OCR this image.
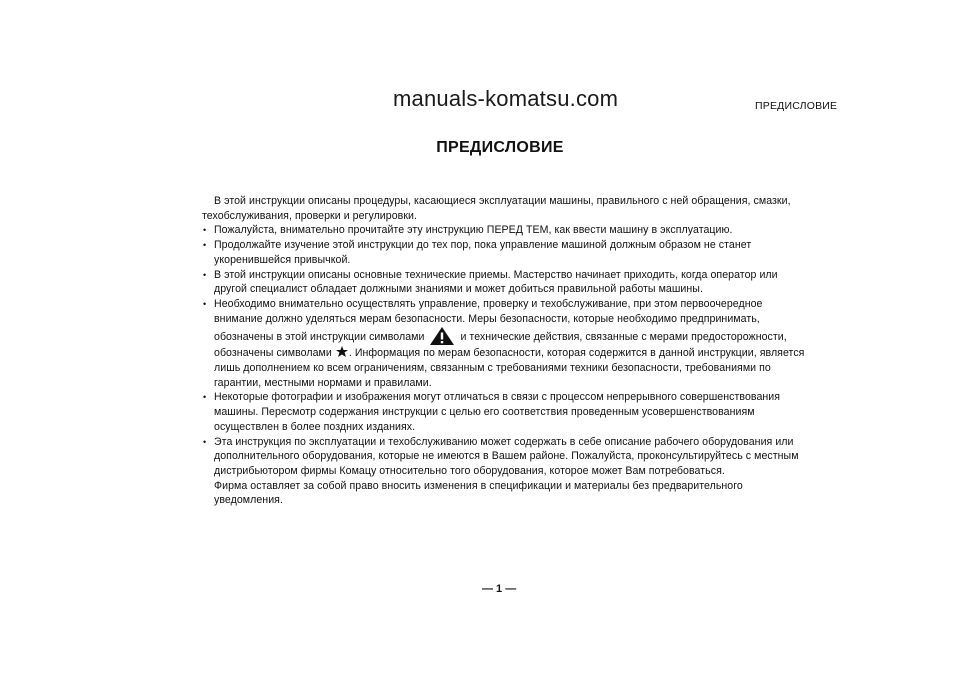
manuals-komatsu.com	ПРЕДИСЛОВИЕ
ПРЕДИСЛОВИЕ

В этой инструкции описаны процедуры, касающиеся эксплуатации машины, правильного с ней обращения, смазки, техобслуживания, проверки и регулировки.

• Пожалуйста, внимательно прочитайте эту инструкцию ПЕРЕД ТЕМ, как ввести машину в эксплуатацию.

• Продолжайте изучение этой инструкции до тех пор, пока управление машиной должным образом не станет укоренившейся привычкой.

• В этой инструкции описаны основные технические приемы. Мастерство начинает приходить, когда оператор или другой специалист обладает должными знаниями и может добиться правильной работы машины.

• Необходимо внимательно осуществлять управление, проверку и техобслуживание, при этом первоочередное внимание должно уделяться мерам безопасности. Меры безопасности, которые необходимо предпринимать, обозначены в этой инструкции символами	и технические действия, связанные с мерами предосторожности, обозначены символами . Информация по мерам безопасности, которая содержится в данной инструкции, является лишь дополнением ко всем ограничениям, связанным с требованиями техники безопасности, требованиями по гарантии, местными нормами и правилами.

• Некоторые фотографии и изображения могут отличаться в связи с процессом непрерывного совершенствования машины. Пересмотр содержания инструкции с целью его соответствия проведенным усовершенствованиям осуществлен в более поздних изданиях.

• Эта инструкция по эксплуатации и техобслуживанию может содержать в себе описание рабочего оборудования или дополнительного оборудования, которые не имеются в Вашем районе. Пожалуйста, проконсультируйтесь с местным дистрибьютором фирмы Комацу относительно того оборудования, которое может Вам потребоваться.

Фирма оставляет за собой право вносить изменения в спецификации и материалы без предварительного уведомления.

— 1 —
